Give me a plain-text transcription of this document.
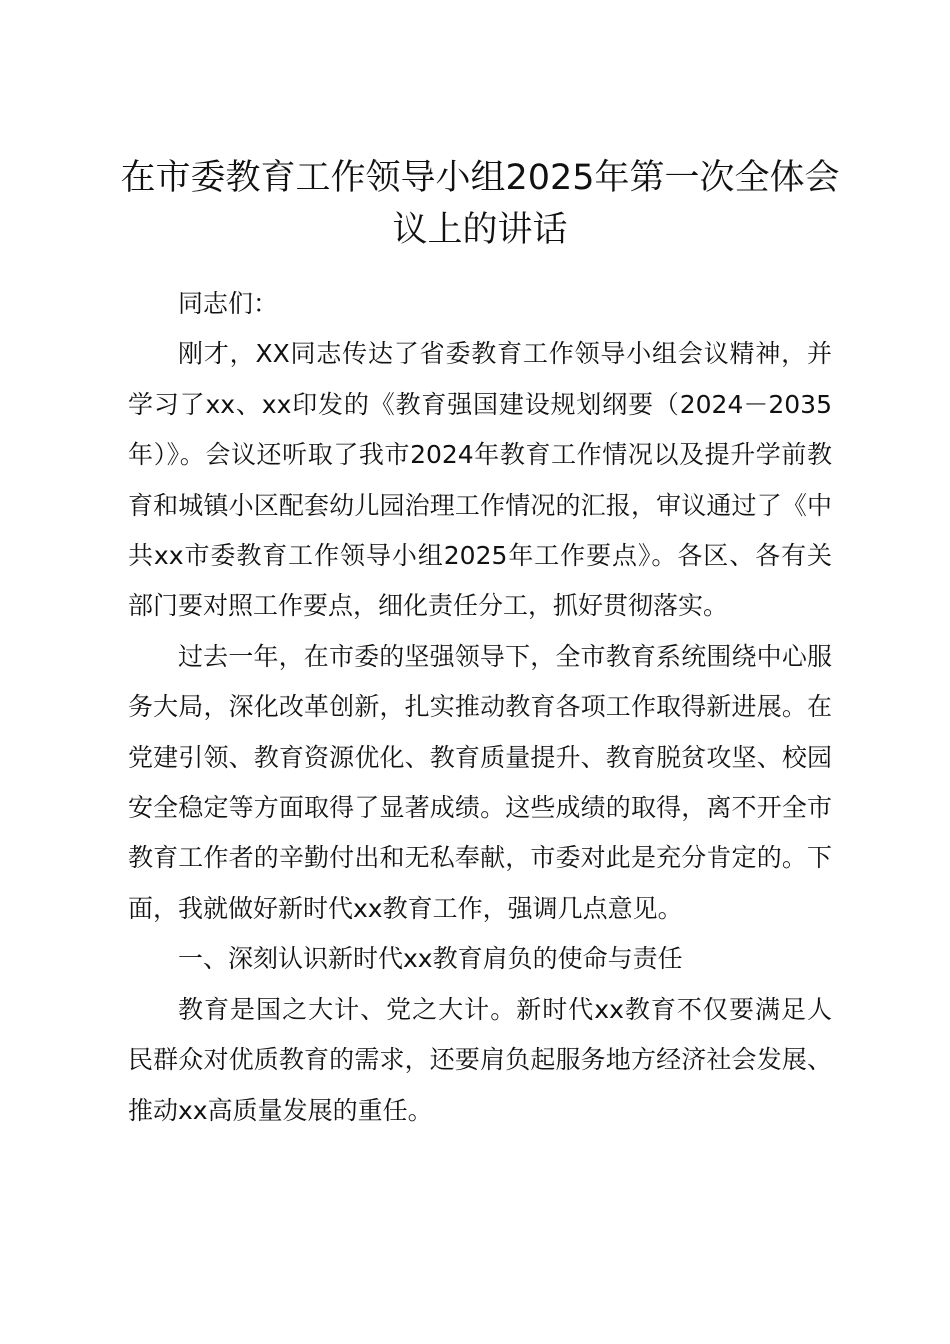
在市委教育工作领导小组2025年第一次全体会议上的讲话

同志们：

刚才，XX同志传达了省委教育工作领导小组会议精神，并学习了xx、xx印发的《教育强国建设规划纲要（2024－2035年）》。会议还听取了我市2024年教育工作情况以及提升学前教育和城镇小区配套幼儿园治理工作情况的汇报，审议通过了《中共xx市委教育工作领导小组2025年工作要点》。各区、各有关部门要对照工作要点，细化责任分工，抓好贯彻落实。

过去一年，在市委的坚强领导下，全市教育系统围绕中心服务大局，深化改革创新，扎实推动教育各项工作取得新进展。在党建引领、教育资源优化、教育质量提升、教育脱贫攻坚、校园安全稳定等方面取得了显著成绩。这些成绩的取得，离不开全市教育工作者的辛勤付出和无私奉献，市委对此是充分肯定的。下面，我就做好新时代xx教育工作，强调几点意见。

一、深刻认识新时代xx教育肩负的使命与责任

教育是国之大计、党之大计。新时代xx教育不仅要满足人民群众对优质教育的需求，还要肩负起服务地方经济社会发展、推动xx高质量发展的重任。
